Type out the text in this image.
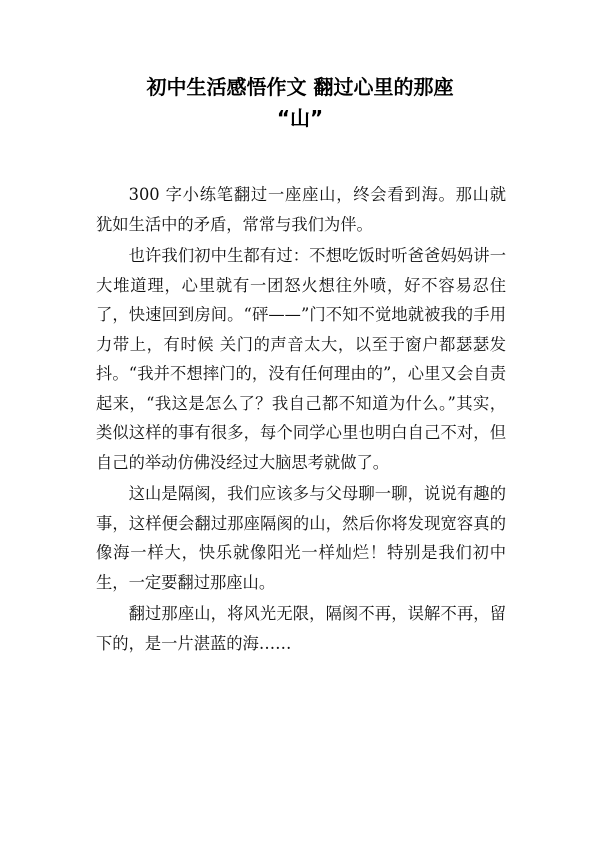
初中生活感悟作文 翻过心里的那座
“山”

300 字小练笔翻过一座座山，终会看到海。那山就犹如生活中的矛盾，常常与我们为伴。

也许我们初中生都有过：不想吃饭时听爸爸妈妈讲一大堆道理，心里就有一团怒火想往外喷，好不容易忍住了，快速回到房间。“砰——”门不知不觉地就被我的手用力带上，有时候 关门的声音太大，以至于窗户都瑟瑟发抖。“我并不想摔门的，没有任何理由的”，心里又会自责起来，“我这是怎么了？我自己都不知道为什么。”其实，类似这样的事有很多，每个同学心里也明白自己不对，但自己的举动仿佛没经过大脑思考就做了。

这山是隔阂，我们应该多与父母聊一聊，说说有趣的事，这样便会翻过那座隔阂的山，然后你将发现宽容真的像海一样大，快乐就像阳光一样灿烂！特别是我们初中生，一定要翻过那座山。

翻过那座山，将风光无限，隔阂不再，误解不再，留下的，是一片湛蓝的海……
